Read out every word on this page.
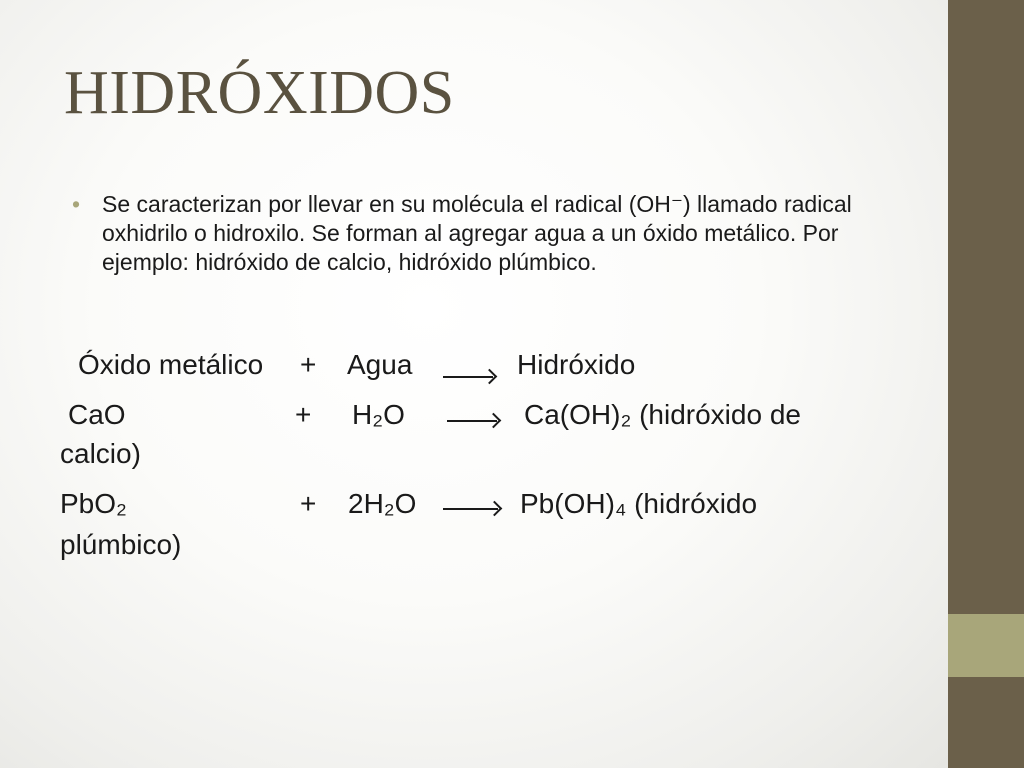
HIDRÓXIDOS
• Se caracterizan por llevar en su molécula el radical (OH⁻) llamado radical oxhidrilo o hidroxilo. Se forman al agregar agua a un óxido metálico. Por ejemplo: hidróxido de calcio, hidróxido plúmbico.
Óxido metálico + Agua	Hidróxido
CaO	+ H₂O	Ca(OH)₂ (hidróxido de
calcio)
PbO₂	+ 2H₂O	Pb(OH)₄ (hidróxido
plúmbico)
